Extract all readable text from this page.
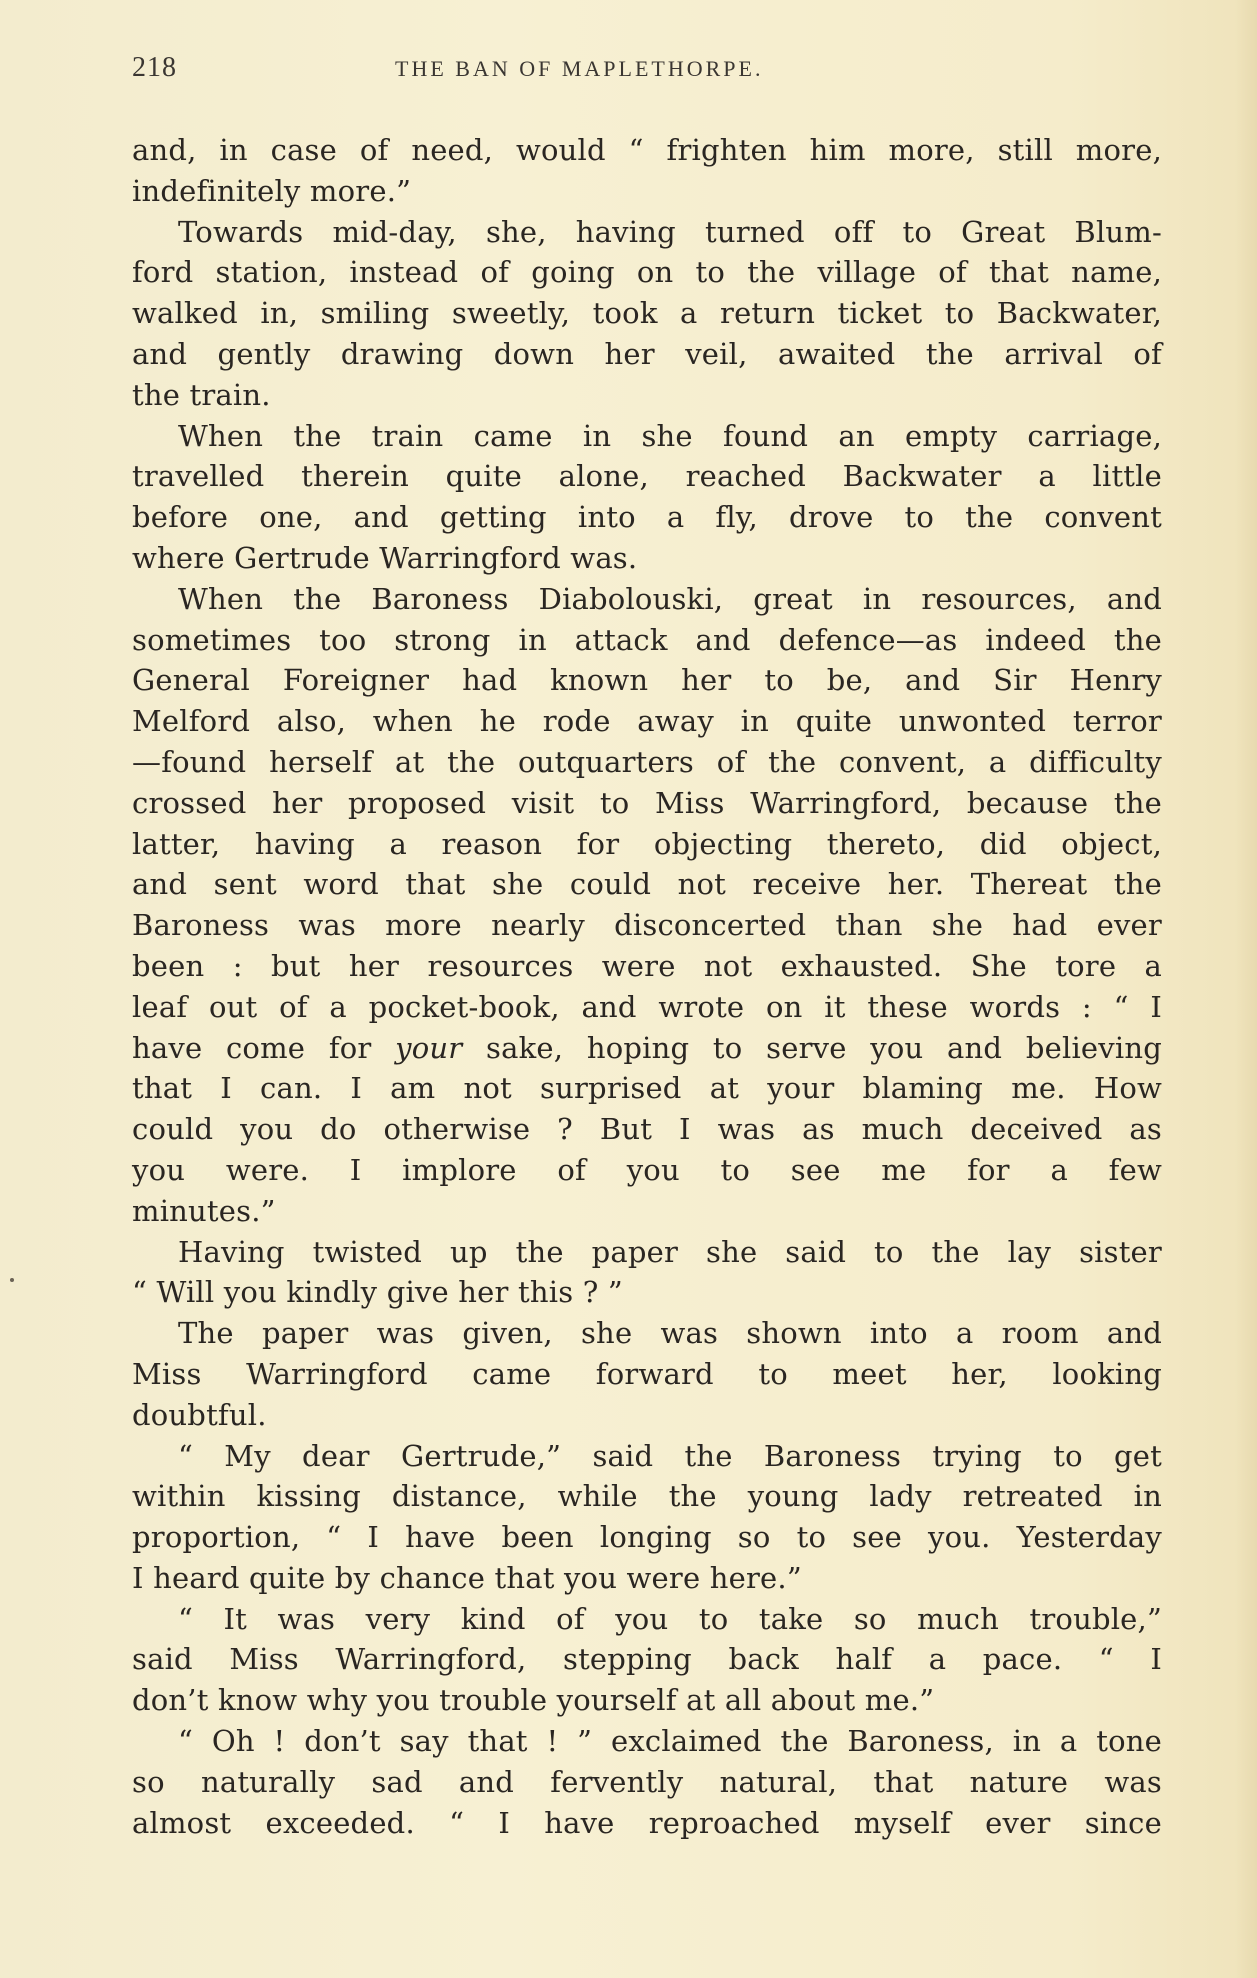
218	THE BAN OF MAPLETHORPE.
and, in case of need, would “ frighten him more, still more,
indefinitely more.”
Towards mid-day, she, having turned off to Great Blum-
ford station, instead of going on to the village of that name,
walked in, smiling sweetly, took a return ticket to Backwater,
and gently drawing down her veil, awaited the arrival of
the train.
When the train came in she found an empty carriage,
travelled therein quite alone, reached Backwater a little
before one, and getting into a fly, drove to the convent
where Gertrude Warringford was.
When the Baroness Diabolouski, great in resources, and
sometimes too strong in attack and defence—as indeed the
General Foreigner had known her to be, and Sir Henry
Melford also, when he rode away in quite unwonted terror
—found herself at the outquarters of the convent, a difficulty
crossed her proposed visit to Miss Warringford, because the
latter, having a reason for objecting thereto, did object,
and sent word that she could not receive her. Thereat the
Baroness was more nearly disconcerted than she had ever
been : but her resources were not exhausted. She tore a
leaf out of a pocket-book, and wrote on it these words : “ I
have come for your sake, hoping to serve you and believing
that I can. I am not surprised at your blaming me. How
could you do otherwise ? But I was as much deceived as
you were. I implore of you to see me for a few
minutes.”
Having twisted up the paper she said to the lay sister
“ Will you kindly give her this ? ”
The paper was given, she was shown into a room and
Miss Warringford came forward to meet her, looking
doubtful.
“ My dear Gertrude,” said the Baroness trying to get
within kissing distance, while the young lady retreated in
proportion, “ I have been longing so to see you. Yesterday
I heard quite by chance that you were here.”
“ It was very kind of you to take so much trouble,”
said Miss Warringford, stepping back half a pace. “ I
don’t know why you trouble yourself at all about me.”
“ Oh ! don’t say that ! ” exclaimed the Baroness, in a tone
so naturally sad and fervently natural, that nature was
almost exceeded. “ I have reproached myself ever since
